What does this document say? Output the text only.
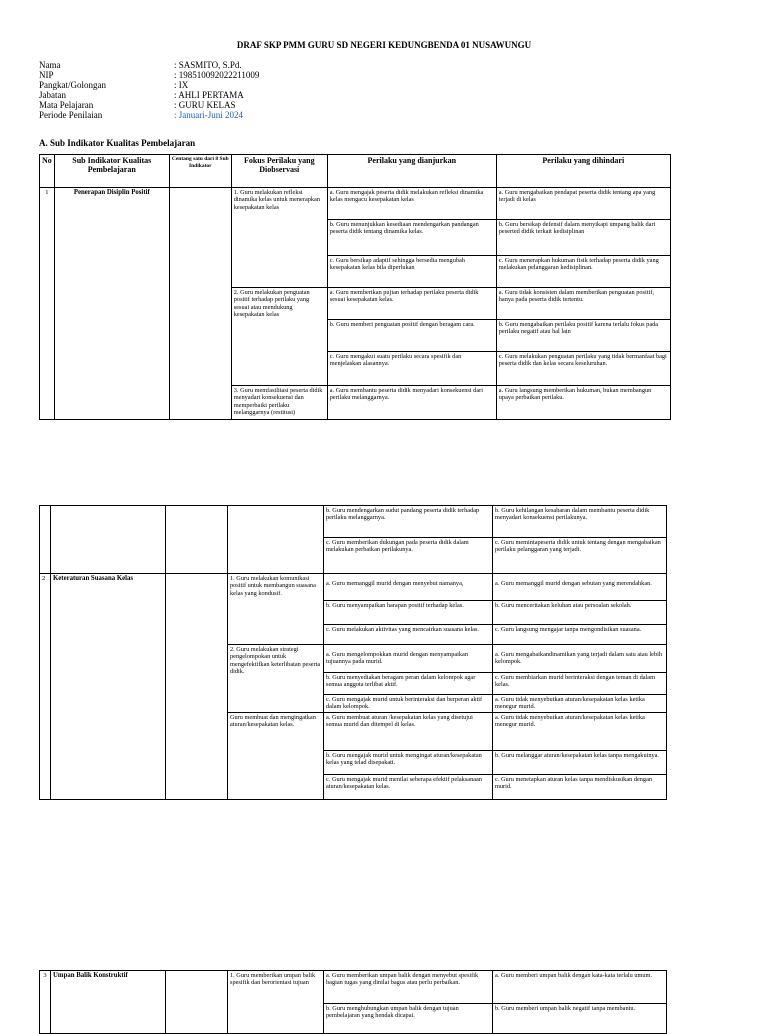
DRAF SKP PMM GURU SD NEGERI KEDUNGBENDA 01 NUSAWUNGU
Nama	: SASMITO, S.Pd.
NIP	: 198510092022211009
Pangkat/Golongan	: IX
Jabatan	: AHLI PERTAMA
Mata Pelajaran	: GURU KELAS
Periode Penilaian	: Januari-Juni 2024
A. Sub Indikator Kualitas Pembelajaran
No	Sub Indikator Kualitas Pembelajaran	Centang satu dari 8 Sub Indikator	Fokus Perilaku yang Diobservasi	Perilaku yang dianjurkan	Perilaku yang dihindari
1	Penerapan Disiplin Positif		1. Guru melakukan refleksi dinamika kelas untuk menerapkan kesepakatan kelas	a. Guru mengajak peserta didik melakukan refleksi dinamika kelas mengacu kesepakatan kelas	a. Guru mengabaikan pendapat peserta didik tentang apa yang terjadi di kelas
				b. Guru menunjukkan kesediaan mendengarkan pandangan peserta didik tentang dinamika kelas.	b. Guru bersikap defensif dalam menyikapi umpang balik dari peserted didik terkait kedisiplinan
				c. Guru bersikap adaptif sehingga bersedia mengubah kesepakatan kelas bila diperlukan	c. Guru menerapkan hukuman fisik terhadap peserta didik yang melakukan pelanggaran kedisiplinan.
			2. Guru melakukan penguatan positif terhadap perilaku yang sesuai atau mendukung kesepakatan kelas	a. Guru memberikan pujian terhadap perilaku peserta didik sesuai kesepakatan kelas.	a. Guru tidak konsisten dalam memberikan penguatan positif, hanya pada peserta didik tertentu.
				b. Guru memberi penguatan positif dengan beragam cara.	b. Guru mengabaikan perilaku positif karena terlalu fokus pada perilaku negatif atau hal lain
				c. Guru mengakui suatu perilaku secara spesifik dan menjelaskan alasannya.	c. Guru melakukan penguatan perilaku yang tidak bermanfaat bagi peserta didik dan kelas secara keseluruhan.
			3. Guru memfasilitasi peserta didik menyadari konsekuensi dan memperbaiki perilaku melanggarnya (restitusi)	a. Guru membantu peserta didik menyadari konsekuensi dari perilaku melanggarnya.	a. Guru langsung memberikan hukuman, bukan membangun upaya perbaikan perilaku.
				b. Guru mendengarkan sudut pandang peserta didik terhadap perilaku melanggarnya.	b. Guru kehilangan kesabaran dalam membantu peserta didik menyadari konsekuensi perilakunya.
				c. Guru memberikan dukungan pada peserta didik dalam melakukan perbaikan perilakunya.	c. Guru memintapeserta didik untuk tentang dengan mengabaikan perilaku pelanggaran yang terjadi.
2	Keteraturan Suasana Kelas		1. Guru melakukan komunikasi positif untuk membangun suasana kelas yang kondusif.	a. Guru memanggil murid dengan menyebut namanya,	a. Guru memanggil murid dengan sebutan yang merendahkan.
				b. Guru menyampaikan harapan positif terhadap kelas.	b. Guru menceritakan keluhan atau persoalan sekolah.
				c. Guru melakukan aktivitas yang mencairkan suasana kelas.	c. Guru langsung mengajar tanpa mengondisikan suasana.
			2. Guru melakukan strategi pengelompokan untuk mengefektifkan keterlibatan peserta didik.	a. Guru mengelompokkan murid dengan menyampaikan tujuannya pada murid.	a. Guru mengabaikandinamikan yang terjadi dalam satu atau lebih kelompok.
				b. Guru menyediakan beragam peran dalam kelompok agar semua anggota terlibat aktif.	c. Guru membiarkan murid berinteraksi dengan teman di dalam kelas.
				c. Guru mengajak murid untuk berinteraksi dan berperan aktif dalam kelompok.	a. Guru tidak menyebutkan aturan/kesepakatan kelas ketika menegur murid.
			Guru membuat dan mengingatkan aturan/kesepakatan kelas.	a. Guru membuat aturan /kesepakatan kelas yang disetujui semua murid dan ditempel di kelas.	a. Guru tidak menyebutkan aturan/kesepakatan kelas ketika menegur murid.
				b. Guru mengajak murid untuk mengingat aturan/kesepakatan kelas yang telad disepakati.	b. Guru melanggar aturan/kesepakatan kelas tanpa mengakuinya.
				c. Guru mengajak murid menilai seberapa efektif pelaksanaan aturan/kesepakatan kelas.	c. Guru menetapkan aturan kelas tanpa mendiskusikan dengan murid.
3	Umpan Balik Konstruktif		1. Guru memberikan umpan balik spesifik dan berorientasi tujuan	a. Guru memberikan umpan balik dengan menyebut spesifik bagian tugas yang dinilai bagus atau perlu perbaikan.	a. Guru memberi umpan balik dengan kata-kata terlalu umum.
				b. Guru menghubungkan umpan balik dengan tujuan pembelajaran yang hendak dicapai.	b. Guru memberi umpan balik negatif tanpa membantu.
